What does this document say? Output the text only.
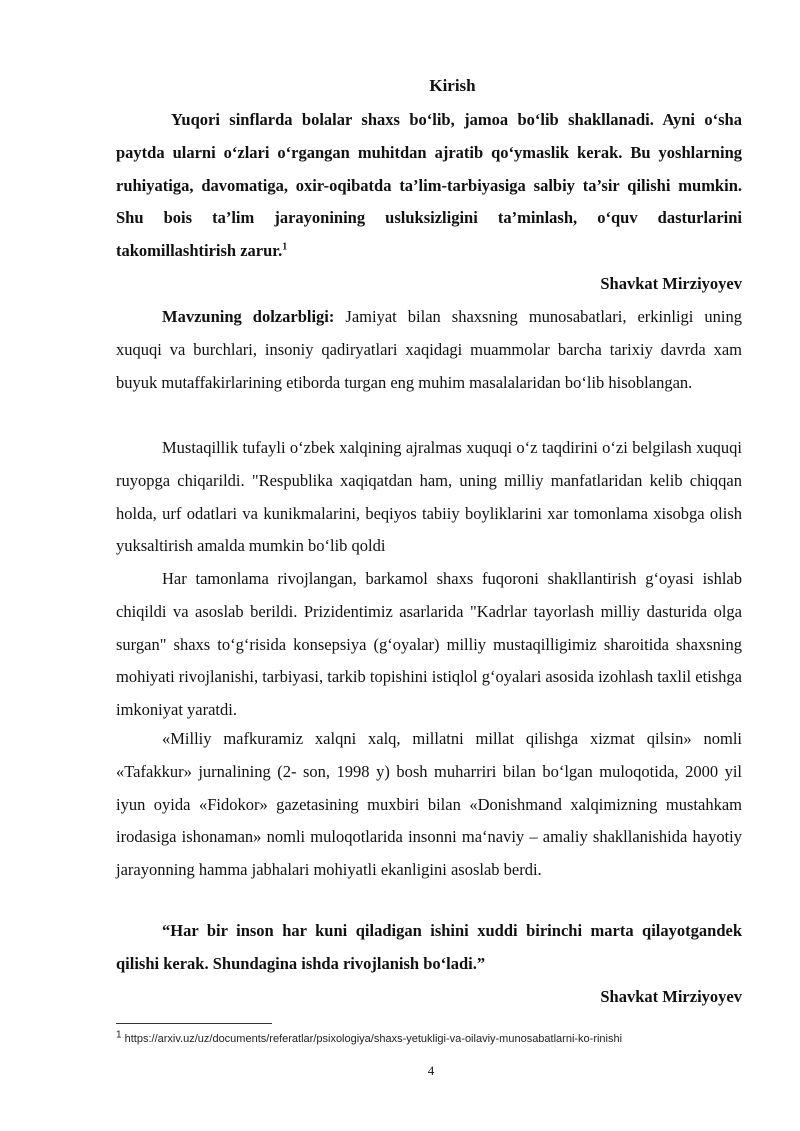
Kirish
Yuqori sinflarda bolalar shaxs bo‘lib, jamoa bo‘lib shakllanadi. Ayni o‘sha paytda ularni o‘zlari o‘rgangan muhitdan ajratib qo‘ymaslik kerak. Bu yoshlarning ruhiyatiga, davomatiga, oxir-oqibatda ta’lim-tarbiyasiga salbiy ta’sir qilishi mumkin. Shu bois ta’lim jarayonining usluksizligini ta’minlash, o‘quv dasturlarini takomillashtirish zarur.$^1$
Shavkat Mirziyoyev
Mavzuning dolzarbligi: Jamiyat bilan shaxsning munosabatlari, erkinligi uning xuquqi va burchlari, insoniy qadiryatlari xaqidagi muammolar barcha tarixiy davrda xam buyuk mutaffakirlarining etiborda turgan eng muhim masalalaridan bo‘lib hisoblangan.
Mustaqillik tufayli o‘zbek xalqining ajralmas xuquqi o‘z taqdirini o‘zi belgilash xuquqi ruyopga chiqarildi. "Respublika xaqiqatdan ham, uning milliy manfatlaridan kelib chiqqan holda, urf odatlari va kunikmalarini, beqiyos tabiiy boyliklarini xar tomonlama xisobga olish yuksaltirish amalda mumkin bo‘lib qoldi
Har tamonlama rivojlangan, barkamol shaxs fuqoroni shakllantirish g‘oyasi ishlab chiqildi va asoslab berildi. Prizidentimiz asarlarida "Kadrlar tayorlash milliy dasturida olga surgan" shaxs to‘g‘risida konsepsiya (g‘oyalar) milliy mustaqilligimiz sharoitida shaxsning mohiyati rivojlanishi, tarbiyasi, tarkib topishini istiqlol g‘oyalari asosida izohlash taxlil etishga imkoniyat yaratdi.
«Milliy mafkuramiz xalqni xalq, millatni millat qilishga xizmat qilsin» nomli «Tafakkur» jurnalining (2- son, 1998 y) bosh muharriri bilan bo‘lgan muloqotida, 2000 yil iyun oyida «Fidokor» gazetasining muxbiri bilan «Donishmand xalqimizning mustahkam irodasiga ishonaman» nomli muloqotlarida insonni ma‘naviy – amaliy shakllanishida hayotiy jarayonning hamma jabhalari mohiyatli ekanligini asoslab berdi.
“Har bir inson har kuni qiladigan ishini xuddi birinchi marta qilayotgandek qilishi kerak. Shundagina ishda rivojlanish bo‘ladi.”
Shavkat Mirziyoyev
$^1$ https://arxiv.uz/uz/documents/referatlar/psixologiya/shaxs-yetukligi-va-oilaviy-munosabatlarni-ko-rinishi
4
